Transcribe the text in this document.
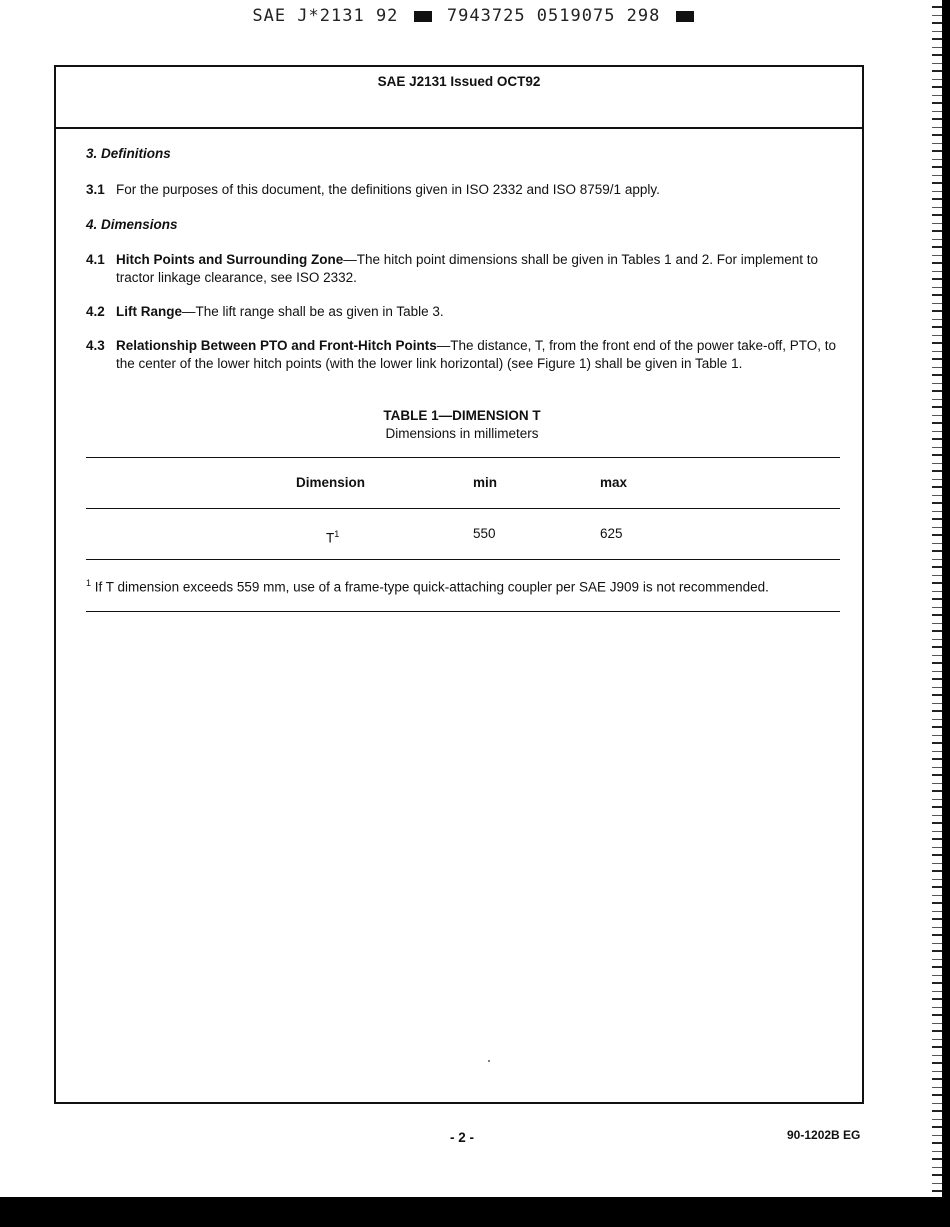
SAE J*2131 92	7943725 0519075 298
SAE J2131 Issued OCT92

3. Definitions

3.1 For the purposes of this document, the definitions given in ISO 2332 and ISO 8759/1 apply.

4. Dimensions

4.1 Hitch Points and Surrounding Zone—The hitch point dimensions shall be given in Tables 1 and 2. For implement to tractor linkage clearance, see ISO 2332.

4.2 Lift Range—The lift range shall be as given in Table 3.

4.3 Relationship Between PTO and Front-Hitch Points—The distance, T, from the front end of the power take-off, PTO, to the center of the lower hitch points (with the lower link horizontal) (see Figure 1) shall be given in Table 1.

TABLE 1—DIMENSION T

Dimensions in millimeters

Dimension	min	max
$T^1$	550	625

$^1$ If T dimension exceeds 559 mm, use of a frame-type quick-attaching coupler per SAE J909 is not recommended.

- 2 -	90-1202B EG
